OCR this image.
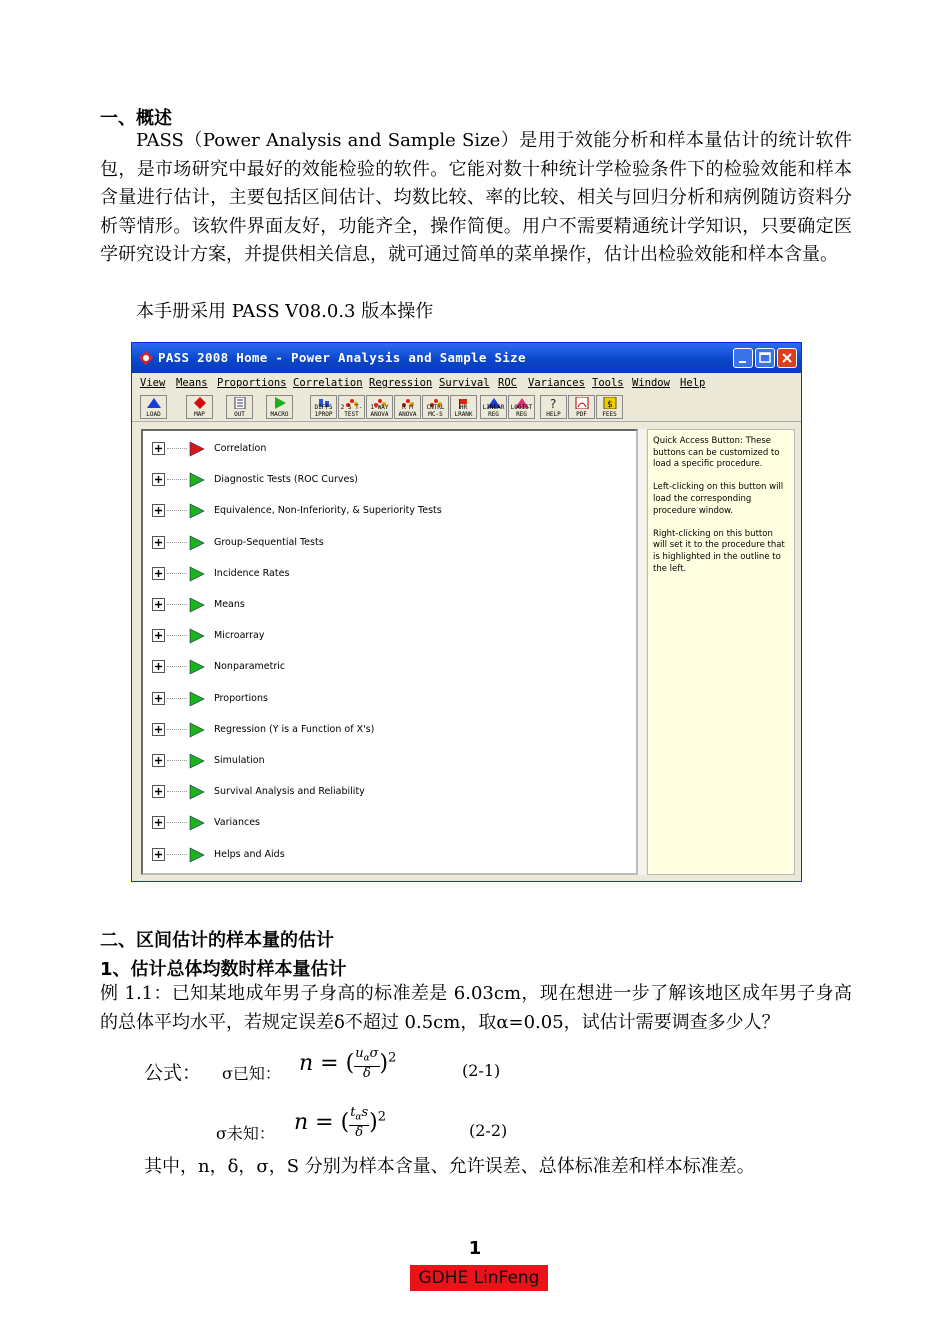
一、概述

PASS（Power Analysis and Sample Size）是用于效能分析和样本量估计的统计软件包，是市场研究中最好的效能检验的软件。它能对数十种统计学检验条件下的检验效能和样本含量进行估计，主要包括区间估计、均数比较、率的比较、相关与回归分析和病例随访资料分析等情形。该软件界面友好，功能齐全，操作简便。用户不需要精通统计学知识，只要确定医学研究设计方案，并提供相关信息，就可通过简单的菜单操作，估计出检验效能和样本含量。

本手册采用 PASS V08.0.3 版本操作

PASS 2008 Home - Power Analysis and Sample Size
View Means Proportions Correlation Regression Survival ROC Variances Tools Window Help
LOAD	MAP	OUT	MACRO
DIFFS 1PROP
2 S T-TEST
1-WAY ANOVA
R M ANOVA
CNTRL MC-S
HR LRANK
LINEAR REG
LOGIST REG
?
HELP	PDF
$
FEES
Correlation
Diagnostic Tests (ROC Curves)
Equivalence, Non-Inferiority, & Superiority Tests
Group-Sequential Tests
Incidence Rates
Means
Microarray
Nonparametric
Proportions
Regression (Y is a Function of X's)
Simulation
Survival Analysis and Reliability
Variances
Helps and Aids

Quick Access Button: These buttons can be customized to load a specific procedure.

Left-clicking on this button will load the corresponding procedure window.

Right-clicking on this button will set it to the procedure that is highlighted in the outline to the left.

二、区间估计的样本量的估计
1、估计总体均数时样本量估计

例 1.1：已知某地成年男子身高的标准差是 6.03cm，现在想进一步了解该地区成年男子身高的总体平均水平，若规定误差δ不超过 0.5cm，取α=0.05，试估计需要调查多少人？

公式： σ已知： n = ( $\frac{u_\alpha\sigma}{\delta} )^2$
(2-1)
σ未知： n = ( $\frac{t_\alpha s}{\delta} )^2$
(2-2)
其中，n，δ，σ，S 分别为样本含量、允许误差、总体标准差和样本标准差。
1
GDHE LinFeng
